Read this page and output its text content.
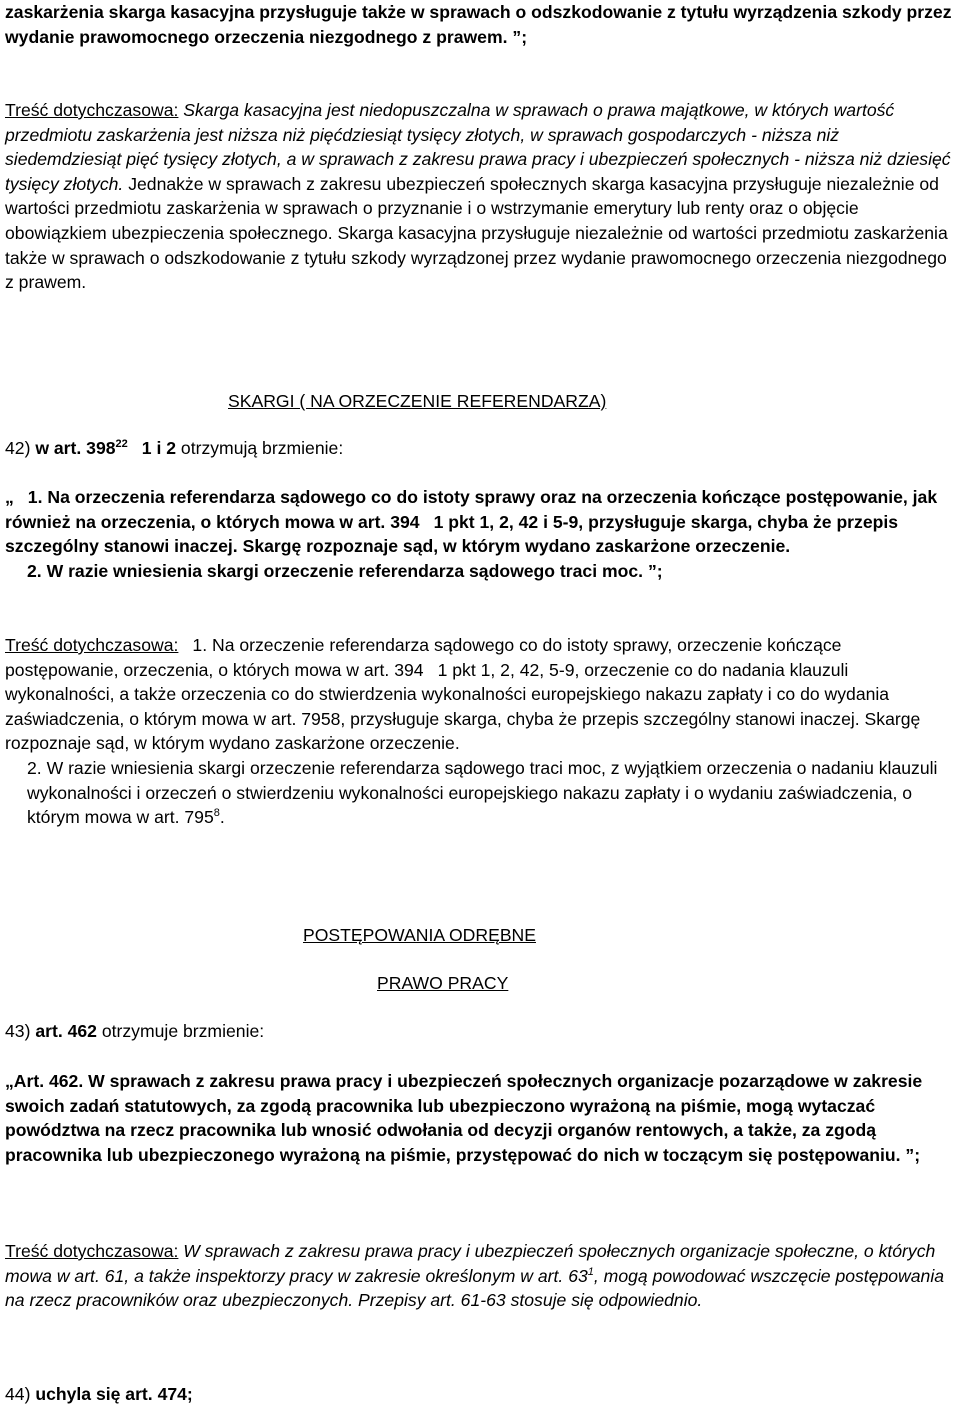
zaskarżenia skarga kasacyjna przysługuje także w sprawach o odszkodowanie z tytułu wyrządzenia szkody przez wydanie prawomocnego orzeczenia niezgodnego z prawem. ”;

Treść dotychczasowa: Skarga kasacyjna jest niedopuszczalna w sprawach o prawa majątkowe, w których wartość przedmiotu zaskarżenia jest niższa niż pięćdziesiąt tysięcy złotych, w sprawach gospodarczych - niższa niż siedemdziesiąt pięć tysięcy złotych, a w sprawach z zakresu prawa pracy i ubezpieczeń społecznych - niższa niż dziesięć tysięcy złotych. Jednakże w sprawach z zakresu ubezpieczeń społecznych skarga kasacyjna przysługuje niezależnie od wartości przedmiotu zaskarżenia w sprawach o przyznanie i o wstrzymanie emerytury lub renty oraz o objęcie obowiązkiem ubezpieczenia społecznego. Skarga kasacyjna przysługuje niezależnie od wartości przedmiotu zaskarżenia także w sprawach o odszkodowanie z tytułu szkody wyrządzonej przez wydanie prawomocnego orzeczenia niezgodnego z prawem.

SKARGI ( NA ORZECZENIE REFERENDARZA)

42) w art. $398^{22}$ 1 i 2 otrzymują brzmienie:

„ 1. Na orzeczenia referendarza sądowego co do istoty sprawy oraz na orzeczenia kończące postępowanie, jak również na orzeczenia, o których mowa w art. 394 1 pkt 1, 2, 42 i 5-9, przysługuje skarga, chyba że przepis szczególny stanowi inaczej. Skargę rozpoznaje sąd, w którym wydano zaskarżone orzeczenie.

2. W razie wniesienia skargi orzeczenie referendarza sądowego traci moc. ”;

Treść dotychczasowa: 1. Na orzeczenie referendarza sądowego co do istoty sprawy, orzeczenie kończące postępowanie, orzeczenia, o których mowa w art. 394 1 pkt 1, 2, 42, 5-9, orzeczenie co do nadania klauzuli wykonalności, a także orzeczenia co do stwierdzenia wykonalności europejskiego nakazu zapłaty i co do wydania zaświadczenia, o którym mowa w art. 7958, przysługuje skarga, chyba że przepis szczególny stanowi inaczej. Skargę rozpoznaje sąd, w którym wydano zaskarżone orzeczenie.

2. W razie wniesienia skargi orzeczenie referendarza sądowego traci moc, z wyjątkiem orzeczenia o nadaniu klauzuli wykonalności i orzeczeń o stwierdzeniu wykonalności europejskiego nakazu zapłaty i o wydaniu zaświadczenia, o którym mowa w art. $795^8$.

POSTĘPOWANIA ODRĘBNE
PRAWO PRACY

43) art. 462 otrzymuje brzmienie:

„Art. 462. W sprawach z zakresu prawa pracy i ubezpieczeń społecznych organizacje pozarządowe w zakresie swoich zadań statutowych, za zgodą pracownika lub ubezpieczono wyrażoną na piśmie, mogą wytaczać powództwa na rzecz pracownika lub wnosić odwołania od decyzji organów rentowych, a także, za zgodą pracownika lub ubezpieczonego wyrażoną na piśmie, przystępować do nich w toczącym się postępowaniu. ”;

Treść dotychczasowa: W sprawach z zakresu prawa pracy i ubezpieczeń społecznych organizacje społeczne, o których mowa w art. 61, a także inspektorzy pracy w zakresie określonym w art. $63^1$, mogą powodować wszczęcie postępowania na rzecz pracowników oraz ubezpieczonych. Przepisy art. 61-63 stosuje się odpowiednio.

44) uchyla się art. 474;
